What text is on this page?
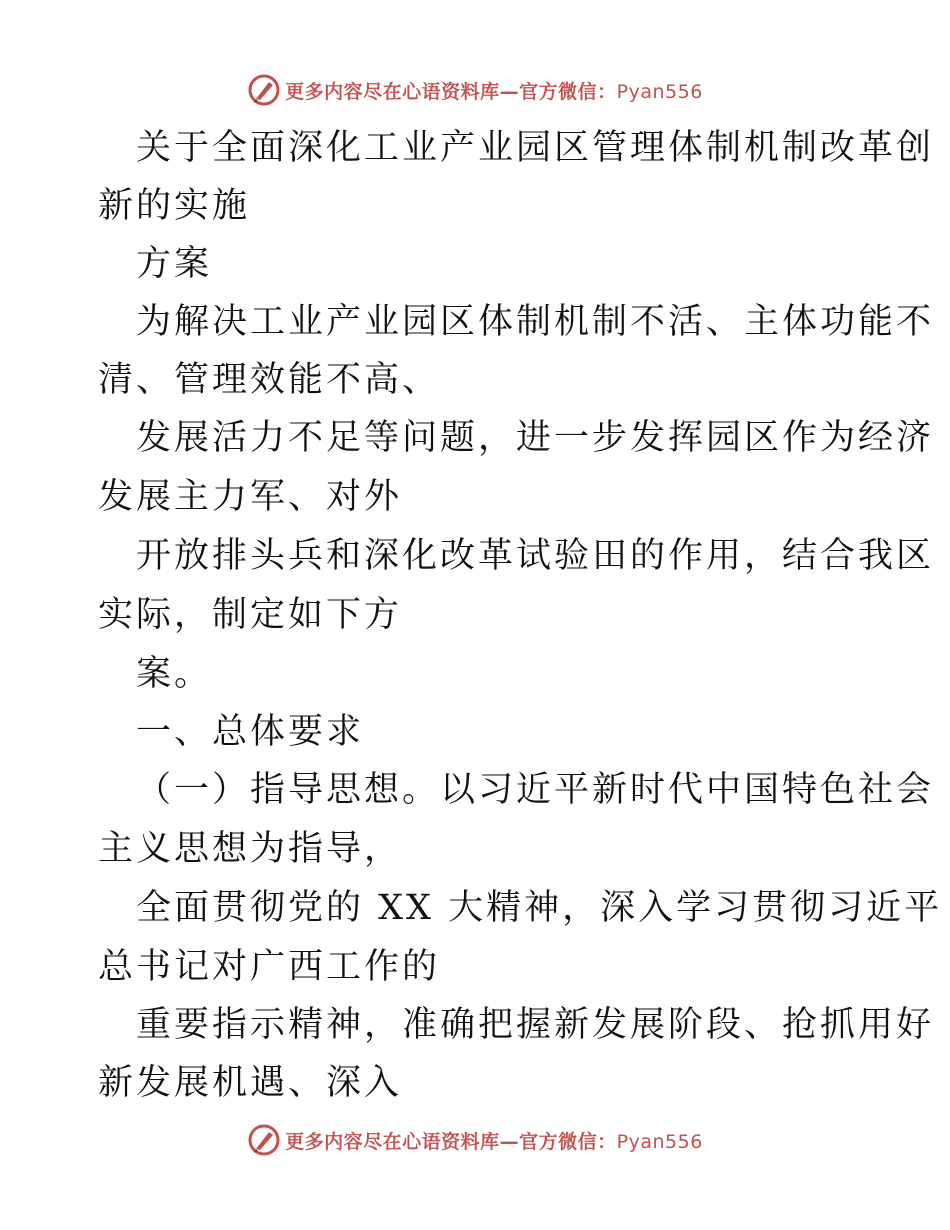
更多内容尽在心语资料库—官方微信：Pyan556
关于全面深化工业产业园区管理体制机制改革创
新的实施
方案
为解决工业产业园区体制机制不活、主体功能不
清、管理效能不高、
发展活力不足等问题，进一步发挥园区作为经济
发展主力军、对外
开放排头兵和深化改革试验田的作用，结合我区
实际，制定如下方
案。
一、总体要求
（一）指导思想。以习近平新时代中国特色社会
主义思想为指导，
全面贯彻党的 XX 大精神，深入学习贯彻习近平
总书记对广西工作的
重要指示精神，准确把握新发展阶段、抢抓用好
新发展机遇、深入
更多内容尽在心语资料库—官方微信：Pyan556
